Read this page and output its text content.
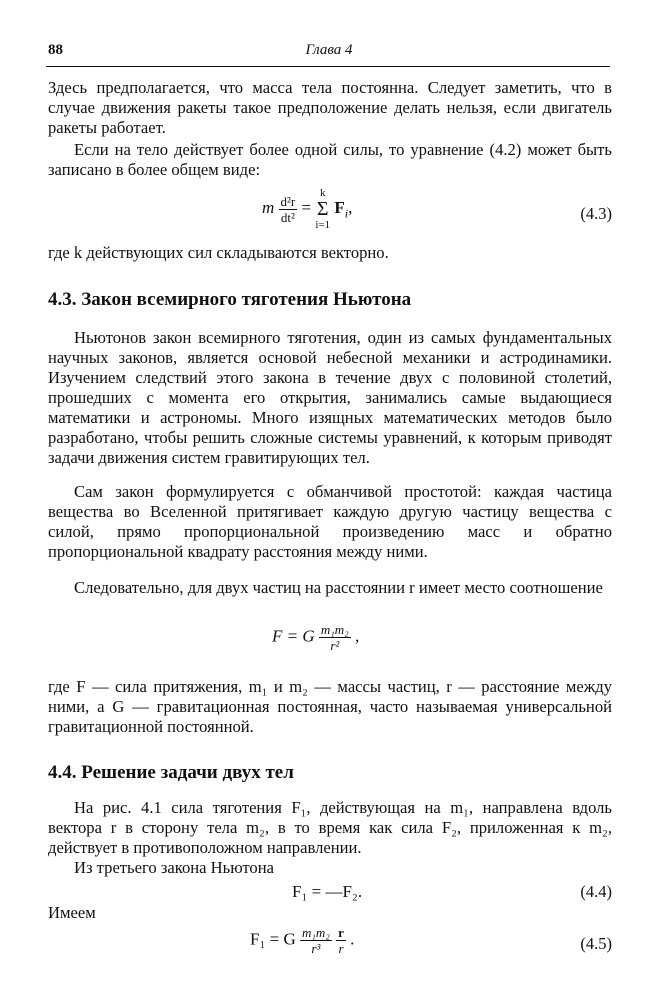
88	Глава 4
Здесь предполагается, что масса тела постоянна. Следует заметить, что в случае движения ракеты такое предположение делать нельзя, если двигатель ракеты работает.
Если на тело действует более одной силы, то уравнение (4.2) может быть записано в более общем виде:
m $\frac{\text{d²r}}{\text{dt²}} = k$
Σ
i=1 $F_i$,	(4.3)
где k действующих сил складываются векторно.
4.3. Закон всемирного тяготения Ньютона
Ньютонов закон всемирного тяготения, один из самых фундаментальных научных законов, является основой небесной механики и астродинамики. Изучением следствий этого закона в течение двух с половиной столетий, прошедших с момента его открытия, занимались самые выдающиеся математики и астрономы. Много изящных математических методов было разработано, чтобы решить сложные системы уравнений, к которым приводят задачи движения систем гравитирующих тел.
Сам закон формулируется с обманчивой простотой: каждая частица вещества во Вселенной притягивает каждую другую частицу вещества с силой, прямо пропорциональной произведению масс и обратно пропорциональной квадрату расстояния между ними.
Следовательно, для двух частиц на расстоянии r имеет место соотношение
F = G $\frac{\text{m₁m₂}}{\text{r²}}$ ,
где F — сила притяжения, m₁ и m₂ — массы частиц, r — расстояние между ними, а G — гравитационная постоянная, часто называемая универсальной гравитационной постоянной.
4.4. Решение задачи двух тел
На рис. 4.1 сила тяготения F₁, действующая на m₁, направлена вдоль вектора r в сторону тела m₂, в то время как сила F₂, приложенная к m₂, действует в противоположном направлении.
Из третьего закона Ньютона
F₁ = —F₂.	(4.4)
Имеем
F₁ = G $\frac{\text{m₁m₂}}{\text{r³}}$
$\frac{r}{r}$ .	(4.5)
